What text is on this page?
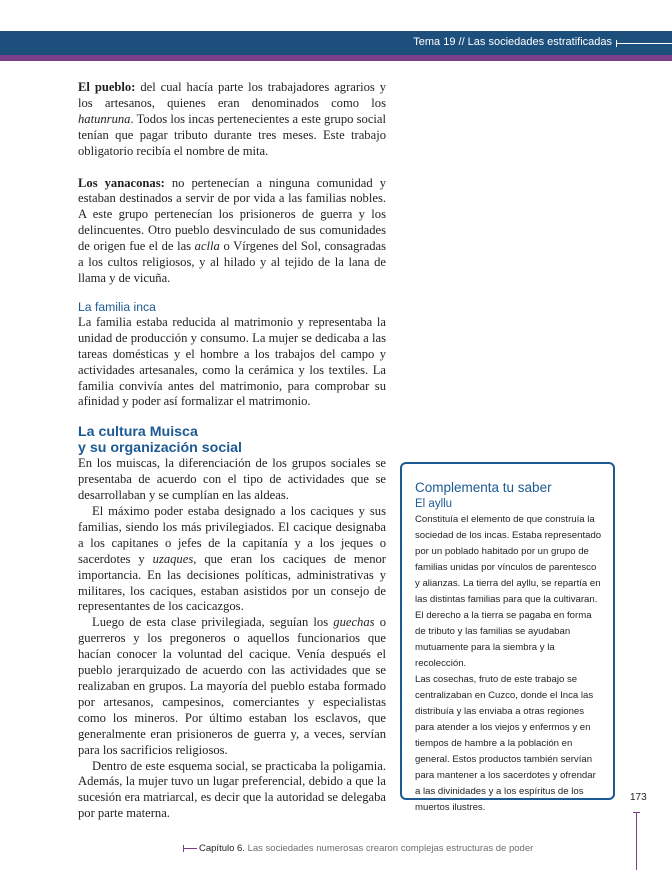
Tema 19 // Las sociedades estratificadas

El pueblo: del cual hacía parte los trabajadores agrarios y los artesanos, quienes eran denominados como los hatunruna. Todos los incas pertenecientes a este grupo social tenían que pagar tributo durante tres meses. Este trabajo obligatorio recibía el nombre de mita.

Los yanaconas: no pertenecían a ninguna comunidad y estaban destinados a servir de por vida a las familias nobles. A este grupo pertenecían los prisioneros de guerra y los delincuentes. Otro pueblo desvinculado de sus comunidades de origen fue el de las aclla o Vírgenes del Sol, consagradas a los cultos religiosos, y al hilado y al tejido de la lana de llama y de vicuña.

La familia inca

La familia estaba reducida al matrimonio y representaba la unidad de producción y consumo. La mujer se dedicaba a las tareas domésticas y el hombre a los trabajos del campo y actividades artesanales, como la cerámica y los textiles. La familia convivía antes del matrimonio, para comprobar su afinidad y poder así formalizar el matrimonio.

La cultura Muisca
y su organización social

En los muiscas, la diferenciación de los grupos sociales se presentaba de acuerdo con el tipo de actividades que se desarrollaban y se cumplían en las aldeas.

El máximo poder estaba designado a los caciques y sus familias, siendo los más privilegiados. El cacique designaba a los capitanes o jefes de la capitanía y a los jeques o sacerdotes y uzaques, que eran los caciques de menor importancia. En las decisiones políticas, administrativas y militares, los caciques, estaban asistidos por un consejo de representantes de los cacicazgos.

Luego de esta clase privilegiada, seguían los guechas o guerreros y los pregoneros o aquellos funcionarios que hacían conocer la voluntad del cacique. Venía después el pueblo jerarquizado de acuerdo con las actividades que se realizaban en grupos. La mayoría del pueblo estaba formado por artesanos, campesinos, comerciantes y especialistas como los mineros. Por último estaban los esclavos, que generalmente eran prisioneros de guerra y, a veces, servían para los sacrificios religiosos.

Dentro de este esquema social, se practicaba la poligamia. Además, la mujer tuvo un lugar preferencial, debido a que la sucesión era matriarcal, es decir que la autoridad se delegaba por parte materna.

Complementa tu saber
El ayllu

Constituía el elemento de que construía la sociedad de los incas. Estaba representado por un poblado habitado por un grupo de familias unidas por vínculos de parentesco y alianzas. La tierra del ayllu, se repartía en las distintas familias para que la cultivaran. El derecho a la tierra se pagaba en forma de tributo y las familias se ayudaban mutuamente para la siembra y la recolección.

Las cosechas, fruto de este trabajo se centralizaban en Cuzco, donde el Inca las distribuía y las enviaba a otras regiones para atender a los viejos y enfermos y en tiempos de hambre a la población en general. Estos productos también servían para mantener a los sacerdotes y ofrendar a las divinidades y a los espíritus de los muertos ilustres.

173
Capítulo 6. Las sociedades numerosas crearon complejas estructuras de poder
